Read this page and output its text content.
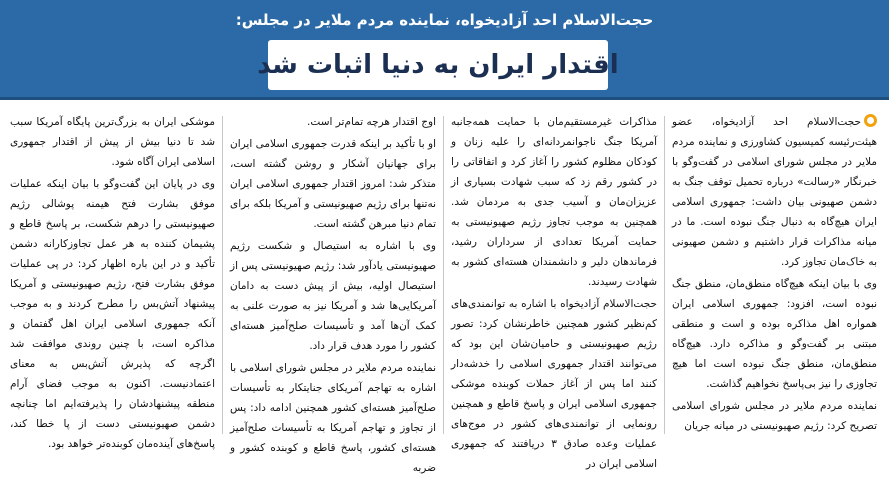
حجت‌الاسلام احد آزادیخواه، نماینده مردم ملایر در مجلس:
اقتدار ایران به دنیا اثبات شد

حجت‌الاسلام احد آزادیخواه، عضو هیئت‌رئیسه کمیسیون کشاورزی و نماینده مردم ملایر در مجلس شورای اسلامی در گفت‌وگو با خبرنگار «رسالت» درباره تحمیل توقف جنگ به دشمن صهیونی بیان داشت: جمهوری اسلامی ایران هیچ‌گاه به دنبال جنگ نبوده است. ما در میانه مذاکرات قرار داشتیم و دشمن صهیونی به خاک‌مان تجاوز کرد.

وی با بیان اینکه هیچ‌گاه منطق‌مان، منطق جنگ نبوده است، افزود: جمهوری اسلامی ایران همواره اهل مذاکره بوده و است و منطقی مبتنی بر گفت‌وگو و مذاکره دارد. هیچ‌گاه منطق‌مان، منطق جنگ نبوده است اما هیچ تجاوزی را نیز بی‌پاسخ نخواهیم گذاشت.

نماینده مردم ملایر در مجلس شورای اسلامی تصریح کرد: رژیم صهیونیستی در میانه جریان

مذاکرات غیرمستقیم‌مان با حمایت همه‌جانبه آمریکا جنگ ناجوانمردانه‌ای را علیه زنان و کودکان مظلوم کشور را آغاز کرد و اتفاقاتی را در کشور رقم زد که سبب شهادت بسیاری از عزیزان‌مان و آسیب جدی به مردمان شد. همچنین به موجب تجاوز رژیم صهیونیستی به حمایت آمریکا تعدادی از سرداران رشید، فرماندهان دلیر و دانشمندان هسته‌ای کشور به شهادت رسیدند.

حجت‌الاسلام آزادیخواه با اشاره به توانمندی‌های کم‌نظیر کشور همچنین خاطرنشان کرد: تصور رژیم صهیونیستی و حامیان‌شان این بود که می‌توانند اقتدار جمهوری اسلامی را خدشه‌دار کنند اما پس از آغاز حملات کوبنده موشکی جمهوری اسلامی ایران و پاسخ قاطع و همچنین رونمایی از توانمندی‌های کشور در موج‌های عملیات وعده صادق ۳ دریافتند که جمهوری اسلامی ایران در

اوج اقتدار هرچه تمام‌تر است.

او با تأکید بر اینکه قدرت جمهوری اسلامی ایران برای جهانیان آشکار و روشن گشته است، متذکر شد: امروز اقتدار جمهوری اسلامی ایران نه‌تنها برای رژیم صهیونیستی و آمریکا بلکه برای تمام دنیا مبرهن گشته است.

وی با اشاره به استیصال و شکست رژیم صهیونیستی یادآور شد: رژیم صهیونیستی پس از استیصال اولیه، بیش از پیش دست به دامان آمریکایی‌ها شد و آمریکا نیز به صورت علنی به کمک آن‌ها آمد و تأسیسات صلح‌آمیز هسته‌ای کشور را مورد هدف قرار داد.

نماینده مردم ملایر در مجلس شورای اسلامی با اشاره به تهاجم آمریکای جنایتکار به تأسیسات صلح‌آمیز هسته‌ای کشور همچنین ادامه داد: پس از تجاوز و تهاجم آمریکا به تأسیسات صلح‌آمیز هسته‌ای کشور، پاسخ قاطع و کوبنده کشور و ضربه

موشکی ایران به بزرگ‌ترین پایگاه آمریکا سبب شد تا دنیا بیش از پیش از اقتدار جمهوری اسلامی ایران آگاه شود.

وی در پایان این گفت‌وگو با بیان اینکه عملیات موفق بشارت فتح هیمنه پوشالی رژیم صهیونیستی را درهم شکست، بر پاسخ قاطع و پشیمان کننده به هر عمل تجاوزکارانه دشمن تأکید و در این باره اظهار کرد: در پی عملیات موفق بشارت فتح، رژیم صهیونیستی و آمریکا پیشنهاد آتش‌بس را مطرح کردند و به موجب آنکه جمهوری اسلامی ایران اهل گفتمان و مذاکره است، با چنین روندی موافقت شد اگرچه که پذیرش آتش‌بس به معنای اعتمادنیست. اکنون به موجب فضای آرام منطقه پیشنهادشان را پذیرفته‌ایم اما چنانچه دشمن صهیونیستی دست از پا خطا کند، پاسخ‌های آینده‌مان کوبنده‌تر خواهد بود.
